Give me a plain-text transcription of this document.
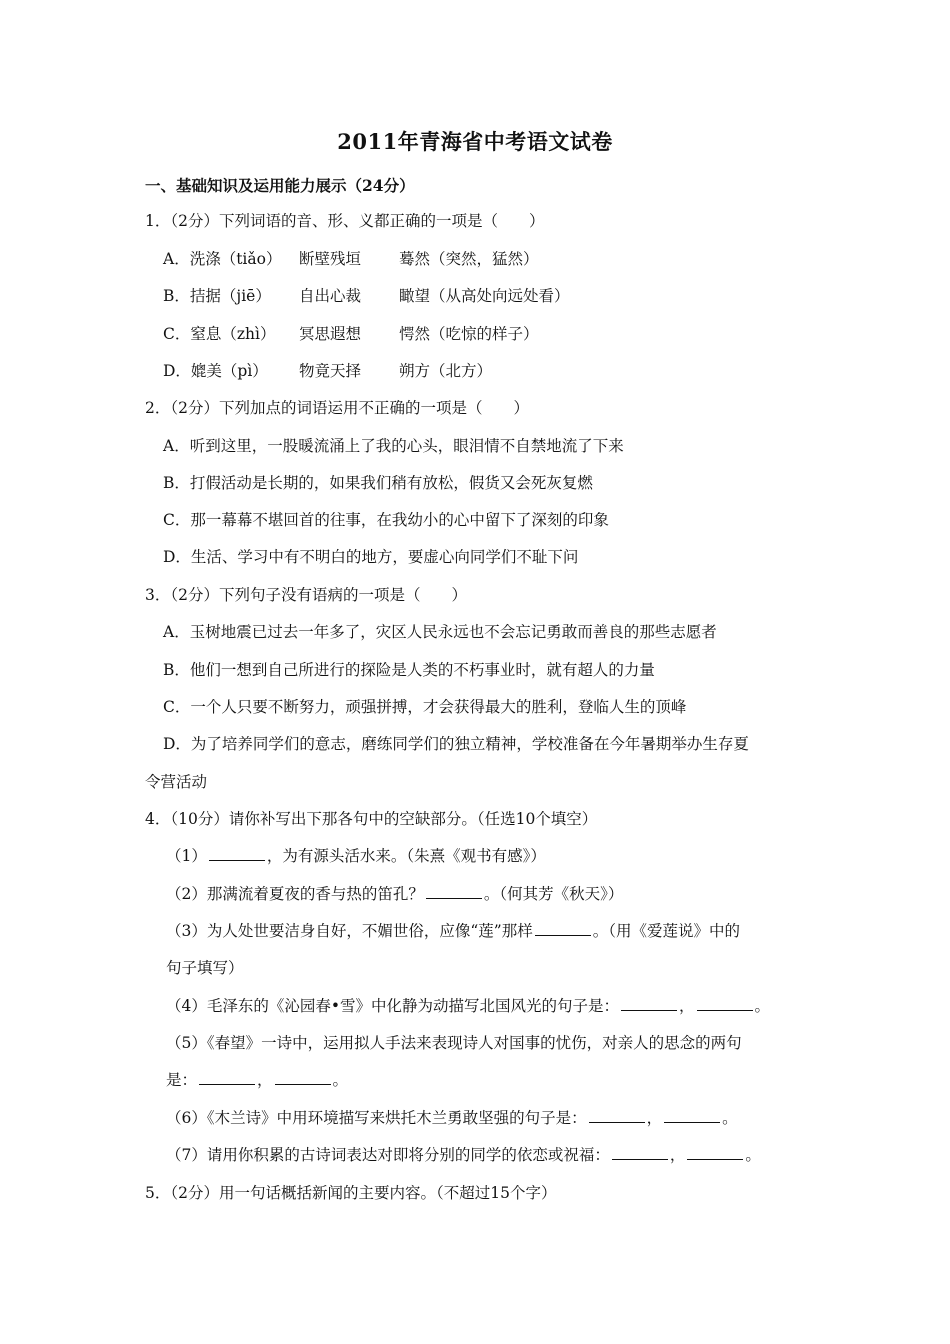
2011年青海省中考语文试卷
一、基础知识及运用能力展示（24分）
1．（2分）下列词语的音、形、义都正确的一项是（　　）
A．洗涤（tiǎo） 断壁残垣 蓦然（突然，猛然）
B．拮据（jiē） 自出心裁 瞰望（从高处向远处看）
C．窒息（zhì） 冥思遐想 愕然（吃惊的样子）
D．媲美（pì） 物竟天择 朔方（北方）
2．（2分）下列加点的词语运用不正确的一项是（　　）
A．听到这里，一股暖流涌上了我的心头，眼泪情不自禁地流了下来
B．打假活动是长期的，如果我们稍有放松，假货又会死灰复燃
C．那一幕幕不堪回首的往事，在我幼小的心中留下了深刻的印象
D．生活、学习中有不明白的地方，要虚心向同学们不耻下问
3．（2分）下列句子没有语病的一项是（　　）
A．玉树地震已过去一年多了，灾区人民永远也不会忘记勇敢而善良的那些志愿者
B．他们一想到自己所进行的探险是人类的不朽事业时，就有超人的力量
C．一个人只要不断努力，顽强拼搏，才会获得最大的胜利，登临人生的顶峰
D．为了培养同学们的意志，磨练同学们的独立精神，学校准备在今年暑期举办生存夏
令营活动
4．（10分）请你补写出下那各句中的空缺部分。（任选10个填空）
（1）	，为有源头活水来。（朱熹《观书有感》）
（2）那满流着夏夜的香与热的笛孔？	。（何其芳《秋天》）
（3）为人处世要洁身自好，不媚世俗，应像“莲”那样	。（用《爱莲说》中的
句子填写）
（4）毛泽东的《沁园春•雪》中化静为动描写北国风光的句子是：	，	。
（5）《春望》一诗中，运用拟人手法来表现诗人对国事的忧伤，对亲人的思念的两句
是：	，	。
（6）《木兰诗》中用环境描写来烘托木兰勇敢坚强的句子是：	，	。
（7）请用你积累的古诗词表达对即将分别的同学的依恋或祝福：	，	。
5．（2分）用一句话概括新闻的主要内容。（不超过15个字）
